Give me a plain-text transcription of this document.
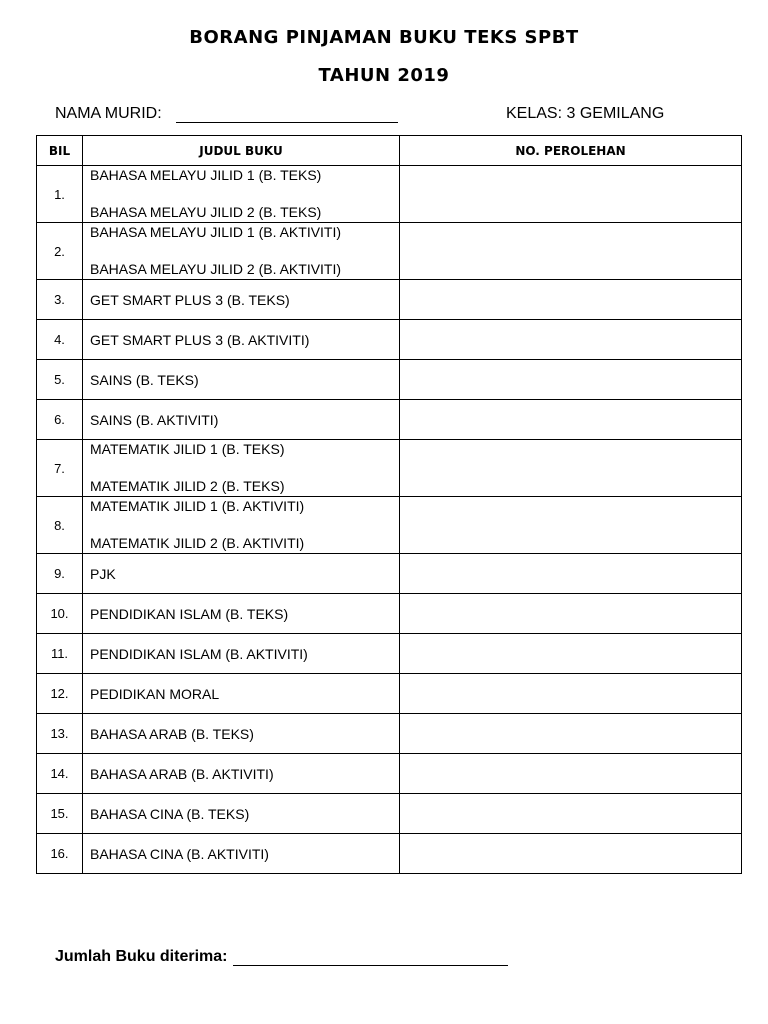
BORANG PINJAMAN BUKU TEKS SPBT
TAHUN 2019
NAMA MURID:	KELAS: 3 GEMILANG
BIL	JUDUL BUKU	NO. PEROLEHAN
1.	BAHASA MELAYU JILID 1 (B. TEKS)
BAHASA MELAYU JILID 2 (B. TEKS)	

2.	BAHASA MELAYU JILID 1 (B. AKTIVITI)
BAHASA MELAYU JILID 2 (B. AKTIVITI)	

3.	GET SMART PLUS 3 (B. TEKS)	
4.	GET SMART PLUS 3 (B. AKTIVITI)	
5.	SAINS (B. TEKS)	
6.	SAINS (B. AKTIVITI)	
7.	MATEMATIK JILID 1 (B. TEKS)
MATEMATIK JILID 2 (B. TEKS)	

8.	MATEMATIK JILID 1 (B. AKTIVITI)
MATEMATIK JILID 2 (B. AKTIVITI)	

9.	PJK	
10.	PENDIDIKAN ISLAM (B. TEKS)	
11.	PENDIDIKAN ISLAM (B. AKTIVITI)	
12.	PEDIDIKAN MORAL	
13.	BAHASA ARAB (B. TEKS)	
14.	BAHASA ARAB (B. AKTIVITI)	
15.	BAHASA CINA (B. TEKS)	
16.	BAHASA CINA (B. AKTIVITI)	
Jumlah Buku diterima:
